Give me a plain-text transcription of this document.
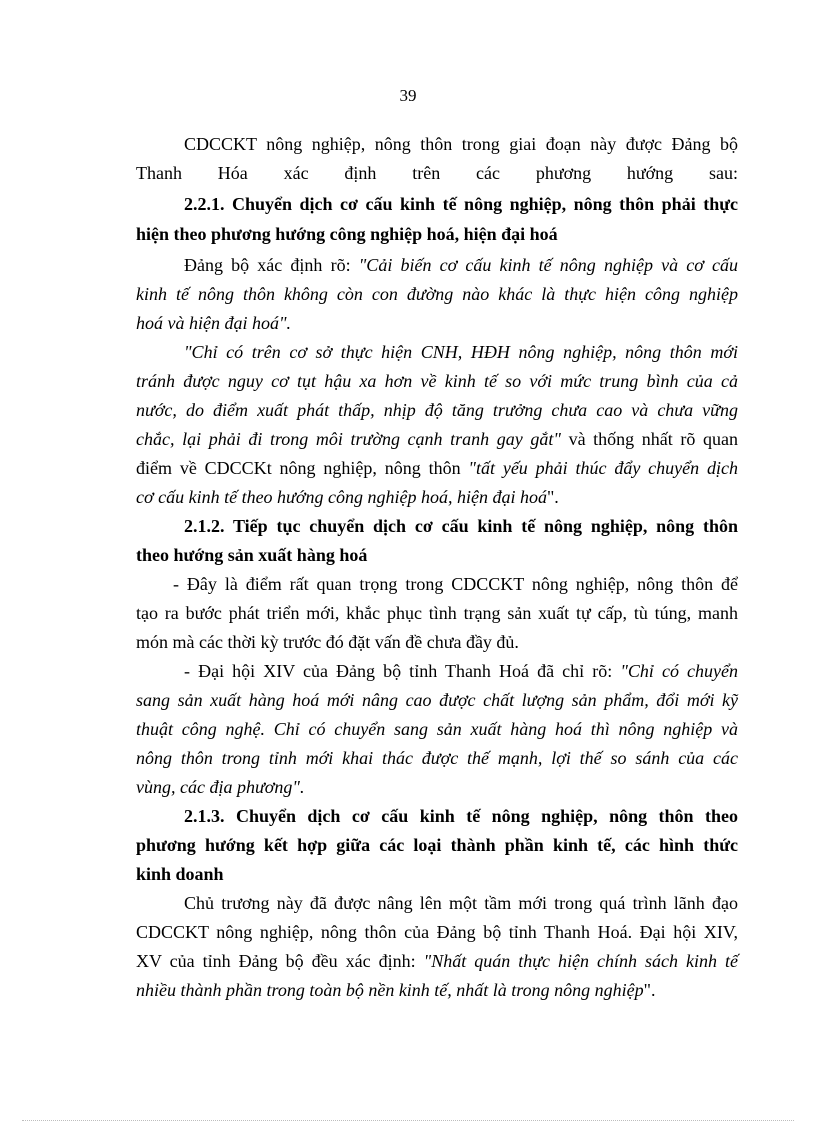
39
CDCCKT nông nghiệp, nông thôn trong giai đoạn này được Đảng bộ
Thanh Hóa xác định trên các phương hướng sau:
2.2.1. Chuyển dịch cơ cấu kinh tế nông nghiệp, nông thôn phải thực
hiện theo phương hướng công nghiệp hoá, hiện đại hoá
Đảng bộ xác định rõ: "Cải biến cơ cấu kinh tế nông nghiệp và cơ cấu
kinh tế nông thôn không còn con đường nào khác là thực hiện công nghiệp
hoá và hiện đại hoá".
"Chỉ có trên cơ sở thực hiện CNH, HĐH nông nghiệp, nông thôn mới
tránh được nguy cơ tụt hậu xa hơn về kinh tế so với mức trung bình của cả
nước, do điểm xuất phát thấp, nhịp độ tăng trưởng chưa cao và chưa vững
chắc, lại phải đi trong môi trường cạnh tranh gay gắt" và thống nhất rõ quan
điểm về CDCCKt nông nghiệp, nông thôn "tất yếu phải thúc đẩy chuyển dịch
cơ cấu kinh tế theo hướng công nghiệp hoá, hiện đại hoá".
2.1.2. Tiếp tục chuyển dịch cơ cấu kinh tế nông nghiệp, nông thôn
theo hướng sản xuất hàng hoá
- Đây là điểm rất quan trọng trong CDCCKT nông nghiệp, nông thôn để
tạo ra bước phát triển mới, khắc phục tình trạng sản xuất tự cấp, tù túng, manh
món mà các thời kỳ trước đó đặt vấn đề chưa đầy đủ.
- Đại hội XIV của Đảng bộ tỉnh Thanh Hoá đã chỉ rõ: "Chỉ có chuyển
sang sản xuất hàng hoá mới nâng cao được chất lượng sản phẩm, đổi mới kỹ
thuật công nghệ. Chỉ có chuyển sang sản xuất hàng hoá thì nông nghiệp và
nông thôn trong tỉnh mới khai thác được thế mạnh, lợi thế so sánh của các
vùng, các địa phương".
2.1.3. Chuyển dịch cơ cấu kinh tế nông nghiệp, nông thôn theo
phương hướng kết hợp giữa các loại thành phần kinh tế, các hình thức
kinh doanh
Chủ trương này đã được nâng lên một tầm mới trong quá trình lãnh đạo
CDCCKT nông nghiệp, nông thôn của Đảng bộ tỉnh Thanh Hoá. Đại hội XIV,
XV của tỉnh Đảng bộ đều xác định: "Nhất quán thực hiện chính sách kinh tế
nhiều thành phần trong toàn bộ nền kinh tế, nhất là trong nông nghiệp".
